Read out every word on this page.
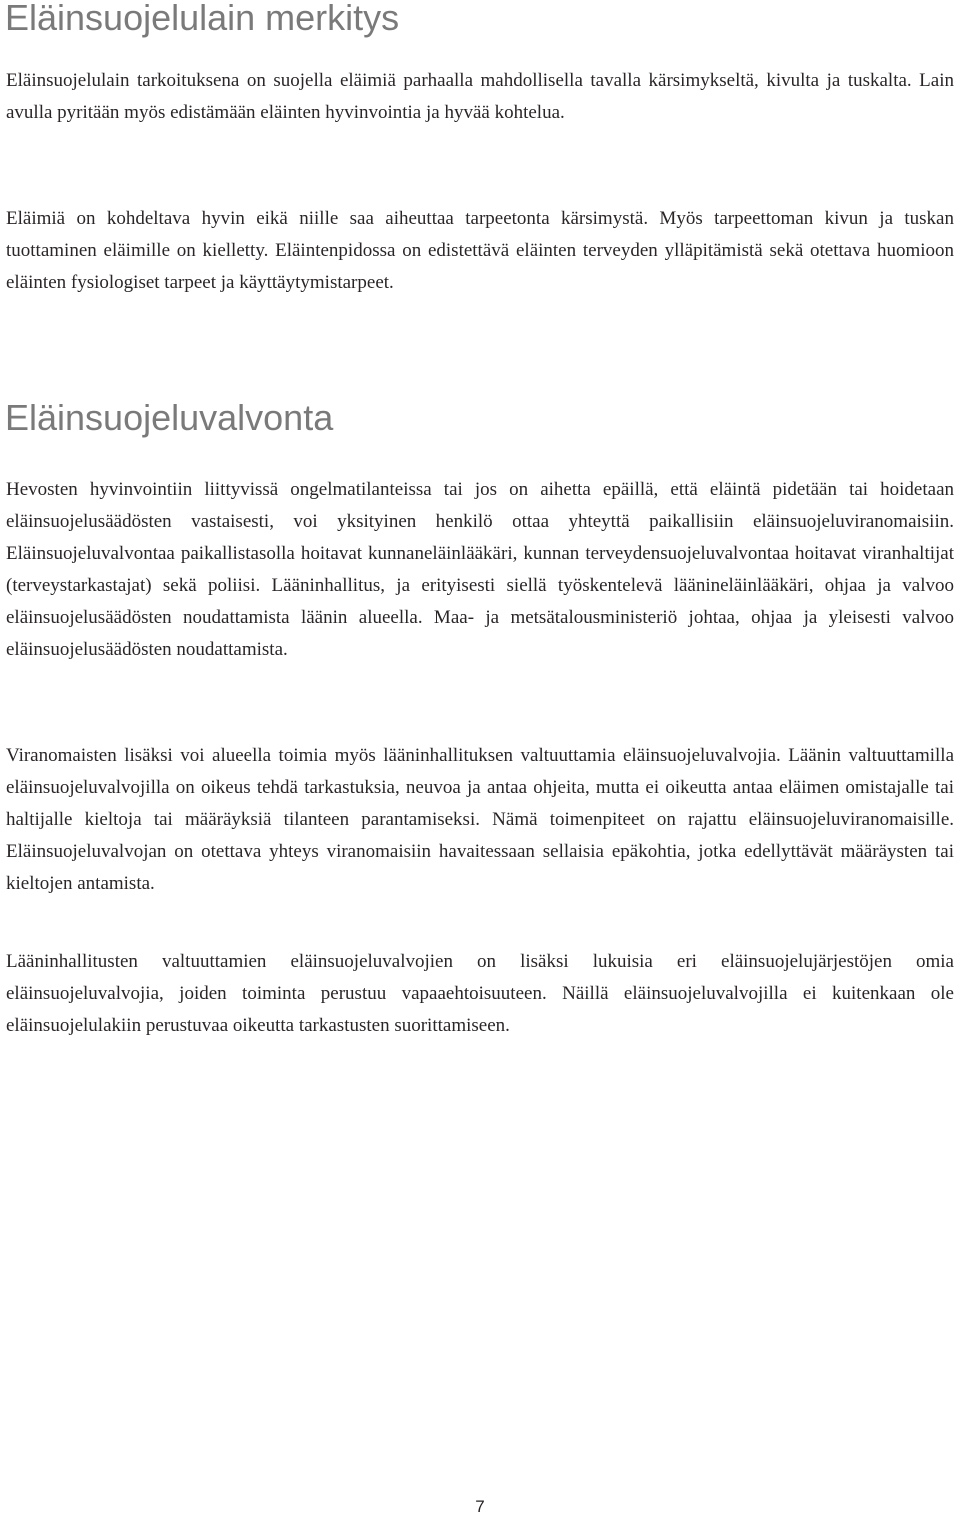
Eläinsuojelulain merkitys

Eläinsuojelulain tarkoituksena on suojella eläimiä parhaalla mahdollisella tavalla kärsimykseltä, kivulta ja tuskalta. Lain avulla pyritään myös edistämään eläinten hyvinvointia ja hyvää kohtelua.

Eläimiä on kohdeltava hyvin eikä niille saa aiheuttaa tarpeetonta kärsimystä. Myös tarpeettoman kivun ja tuskan tuottaminen eläimille on kielletty. Eläintenpidossa on edistettävä eläinten terveyden ylläpitämistä sekä otettava huomioon eläinten fysiologiset tarpeet ja käyttäytymistarpeet.

Eläinsuojeluvalvonta

Hevosten hyvinvointiin liittyvissä ongelmatilanteissa tai jos on aihetta epäillä, että eläintä pidetään tai hoidetaan eläinsuojelusäädösten vastaisesti, voi yksityinen henkilö ottaa yhteyttä paikallisiin eläinsuojeluviranomaisiin. Eläinsuojeluvalvontaa paikallistasolla hoitavat kunnaneläinlääkäri, kunnan terveydensuojeluvalvontaa hoitavat viranhaltijat (terveystarkastajat) sekä poliisi. Lääninhallitus, ja erityisesti siellä työskentelevä läänineläinlääkäri, ohjaa ja valvoo eläinsuojelusäädösten noudattamista läänin alueella. Maa- ja metsätalousministeriö johtaa, ohjaa ja yleisesti valvoo eläinsuojelusäädösten noudattamista.

Viranomaisten lisäksi voi alueella toimia myös lääninhallituksen valtuuttamia eläinsuojeluvalvojia. Läänin valtuuttamilla eläinsuojeluvalvojilla on oikeus tehdä tarkastuksia, neuvoa ja antaa ohjeita, mutta ei oikeutta antaa eläimen omistajalle tai haltijalle kieltoja tai määräyksiä tilanteen parantamiseksi. Nämä toimenpiteet on rajattu eläinsuojeluviranomaisille. Eläinsuojeluvalvojan on otettava yhteys viranomaisiin havaitessaan sellaisia epäkohtia, jotka edellyttävät määräysten tai kieltojen antamista.

Lääninhallitusten valtuuttamien eläinsuojeluvalvojien on lisäksi lukuisia eri eläinsuojelujärjestöjen omia eläinsuojeluvalvojia, joiden toiminta perustuu vapaaehtoisuuteen. Näillä eläinsuojeluvalvojilla ei kuitenkaan ole eläinsuojelulakiin perustuvaa oikeutta tarkastusten suorittamiseen.

7
